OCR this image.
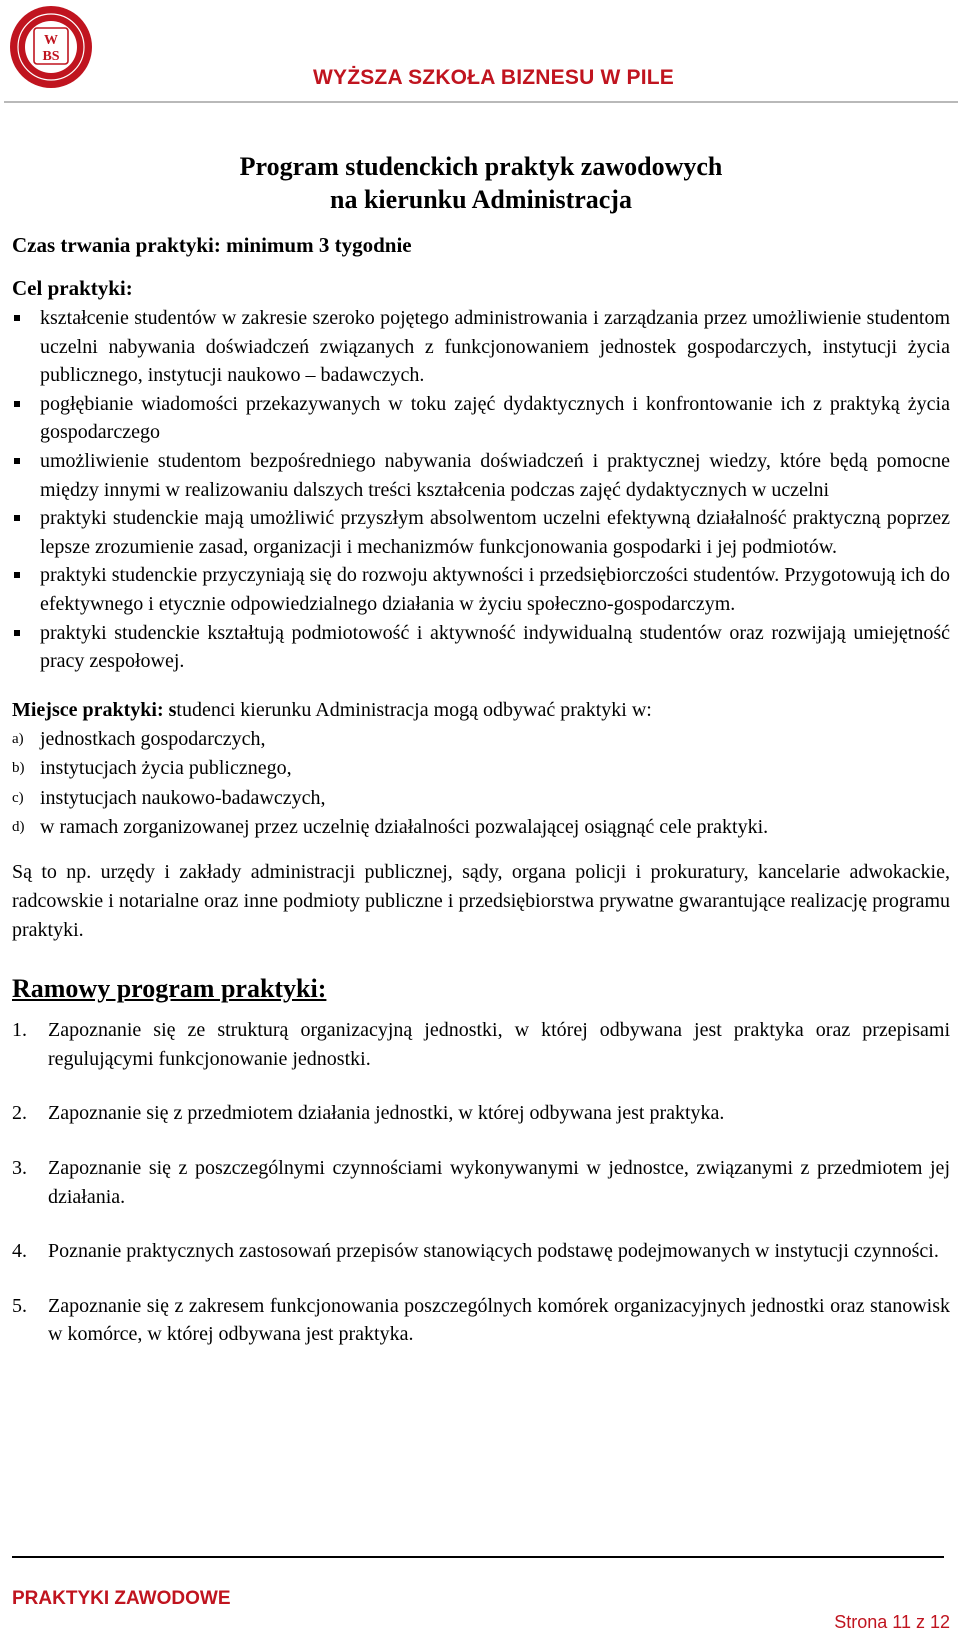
W
BS
WYŻSZA SZKOŁA BIZNESU W PILE

Program studenckich praktyk zawodowych
na kierunku Administracja

Czas trwania praktyki: minimum 3 tygodnie

Cel praktyki:

kształcenie studentów w zakresie szeroko pojętego administrowania i zarządzania przez umożliwienie studentom uczelni nabywania doświadczeń związanych z funkcjonowaniem jednostek gospodarczych, instytucji życia publicznego, instytucji naukowo – badawczych.
pogłębianie wiadomości przekazywanych w toku zajęć dydaktycznych i konfrontowanie ich z praktyką życia gospodarczego
umożliwienie studentom bezpośredniego nabywania doświadczeń i praktycznej wiedzy, które będą pomocne między innymi w realizowaniu dalszych treści kształcenia podczas zajęć dydaktycznych w uczelni
praktyki studenckie mają umożliwić przyszłym absolwentom uczelni efektywną działalność praktyczną poprzez lepsze zrozumienie zasad, organizacji i mechanizmów funkcjonowania gospodarki i jej podmiotów.
praktyki studenckie przyczyniają się do rozwoju aktywności i przedsiębiorczości studentów. Przygotowują ich do efektywnego i etycznie odpowiedzialnego działania w życiu społeczno-gospodarczym.
praktyki studenckie kształtują podmiotowość i aktywność indywidualną studentów oraz rozwijają umiejętność pracy zespołowej.

Miejsce praktyki: studenci kierunku Administracja mogą odbywać praktyki w:

a) jednostkach gospodarczych,
b) instytucjach życia publicznego,
c) instytucjach naukowo-badawczych,
d) w ramach zorganizowanej przez uczelnię działalności pozwalającej osiągnąć cele praktyki.

Są to np. urzędy i zakłady administracji publicznej, sądy, organa policji i prokuratury, kancelarie adwokackie, radcowskie i notarialne oraz inne podmioty publiczne i przedsiębiorstwa prywatne gwarantujące realizację programu praktyki.

Ramowy program praktyki:

1. Zapoznanie się ze strukturą organizacyjną jednostki, w której odbywana jest praktyka oraz przepisami regulującymi funkcjonowanie jednostki.
2. Zapoznanie się z przedmiotem działania jednostki, w której odbywana jest praktyka.
3. Zapoznanie się z poszczególnymi czynnościami wykonywanymi w jednostce, związanymi z przedmiotem jej działania.
4. Poznanie praktycznych zastosowań przepisów stanowiących podstawę podejmowanych w instytucji czynności.
5. Zapoznanie się z zakresem funkcjonowania poszczególnych komórek organizacyjnych jednostki oraz stanowisk w komórce, w której odbywana jest praktyka.
PRAKTYKI ZAWODOWE
Strona 11 z 12
